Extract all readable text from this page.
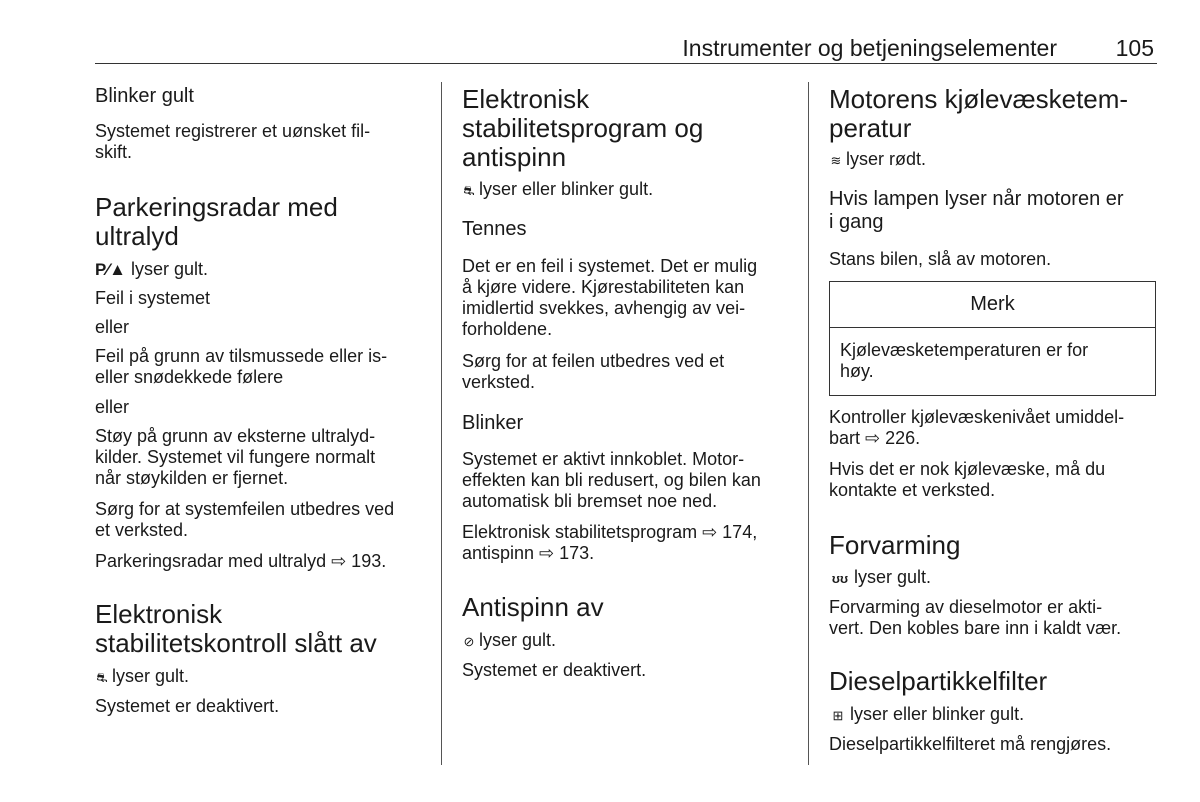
Instrumenter og betjeningselementer	105
Blinker gult
Systemet registrerer et uønsket fil-
skift.
Parkeringsradar med
ultralyd
P⁄▲ lyser gult.
Feil i systemet
eller
Feil på grunn av tilsmussede eller is-
eller snødekkede følere
eller
Støy på grunn av eksterne ultralyd-
kilder. Systemet vil fungere normalt
når støykilden er fjernet.
Sørg for at systemfeilen utbedres ved
et verksted.
Parkeringsradar med ultralyd ⇨ 193.
Elektronisk
stabilitetskontroll slått av
⛐ lyser gult.
Systemet er deaktivert.
Elektronisk
stabilitetsprogram og
antispinn
⛐ lyser eller blinker gult.
Tennes
Det er en feil i systemet. Det er mulig
å kjøre videre. Kjørestabiliteten kan
imidlertid svekkes, avhengig av vei-
forholdene.
Sørg for at feilen utbedres ved et
verksted.
Blinker
Systemet er aktivt innkoblet. Motor-
effekten kan bli redusert, og bilen kan
automatisk bli bremset noe ned.
Elektronisk stabilitetsprogram ⇨ 174,
antispinn ⇨ 173.
Antispinn av
⊘ lyser gult.
Systemet er deaktivert.
Motorens kjølevæsketem-
peratur
≋ lyser rødt.
Hvis lampen lyser når motoren er
i gang
Stans bilen, slå av motoren.
Merk
Kjølevæsketemperaturen er for
høy.
Kontroller kjølevæskenivået umiddel-
bart ⇨ 226.
Hvis det er nok kjølevæske, må du
kontakte et verksted.
Forvarming
ʊʊ lyser gult.
Forvarming av dieselmotor er akti-
vert. Den kobles bare inn i kaldt vær.
Dieselpartikkelfilter
⊞ lyser eller blinker gult.
Dieselpartikkelfilteret må rengjøres.
